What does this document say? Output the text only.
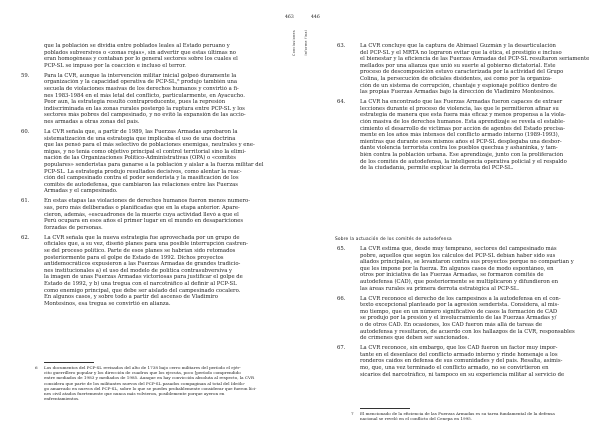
Conclusiones
463
que la población se dividía entre poblados leales al Estado peruano y
poblados subversivos o «zonas rojas», sin advertir que estas últimas no
eran homogéneas y contaban por lo general sectores sobre los cuales el
PCP-SL se impuso por la coacción e incluso el terror.
59.	Para la CVR, aunque la intervención militar inicial golpeó duramente la
organización y la capacidad operativa de PCP-SL,⁶ produjo también una
secuela de violaciones masivas de los derechos humanos y convirtió a fi-
nes 1983-1984 en el más letal del conflicto, particularmente, en Ayacucho.
Peor aun, la estrategia resultó contraproducente, pues la represión
indiscriminada en las zonas rurales postergó la ruptura entre PCP-SL y los
sectores más pobres del campesinado, y no evitó la expansión de las accio-
nes armadas a otras zonas del país.
60.	La CVR señala que, a partir de 1989, las Fuerzas Armadas aprobaron la
sistematización de una estrategia que implicaba el uso de una doctrina
que las pensó para el más selectivo de poblaciones enemigas, neutrales y ene-
migas, y no tenía como objetivo principal el control territorial sino la elimi-
nación de las Organizaciones Político-Administrativas (OPA) o «comités
populares» senderistas para ganarse a la población y aislar a la fuerza militar del
PCP-SL. La estrategia produjo resultados decisivos, como alentar la reac-
ción del campesinado contra el poder senderista y la masificación de los
comités de autodefensa, que cambiaron las relaciones entre las Fuerzas
Armadas y el campesinado.
61.	En estas etapas las violaciones de derechos humanos fueron menos numero-
sas, pero más deliberadas o planificadas que en la etapa anterior. Apare-
cieron, además, «escuadrones de la muerte cuya actividad llevó a que el
Perú ocupara en esos años el primer lugar en el mundo en desapariciones
forzadas de personas.
62.	La CVR señala que la nueva estrategia fue aprovechada por un grupo de
oficiales que, a su vez, diseñó planes para una posible interrupción castren-
se del proceso político. Parte de esos planes se habrían sido retomados
posteriormente para el golpe de Estado de 1992. Dichos proyectos
antidemocráticos expusieron a las Fuerzas Armadas de grandes tradicio-
nes institucionales a) el uso del modelo de política contrasubversiva y
la imagen de unas Fuerzas Armadas victoriosas para justificar el golpe de
Estado de 1992, y b) una tregua con el narcotráfico al definir al PCP-SL
como enemigo principal, que debe ser aislado del campesinado cocalero.
En algunos casos, y sobre todo a partir del ascenso de Vladimiro
Montesinos, esa tregua se convirtió en alianza.
6 Los documentos del PCP-SL revisados del alto de 1738 bajo cerro militares del período el ejér-
cito guerrillero popular y los dirección de cuadros que los ejecuta, poco [período comprendido
entre mediados de 1983 y mediados de 1985. Aunque en hay convicción absoluta al respecto, la CVR
considera que parte de los militantes nuevos del PCP-SL pasados compaginan al total del Ideólo-
go amarrado en nuevos del PCP-SL, sobre lo que se puedes probablemente considerar que fueron líci-
nes civil atados fuertemente que nunca más volvieron, posiblemente porque ayeron en
enfrentamientos.
Informe final
446
63.	La CVR concluye que la captura de Abimael Guzmán y la desarticulación
del PCP-SL y el MRTA no lograron evitar que la ética, el prestigio e incluso
el bienestar y la eficiencia de las Fuerzas Armadas del PCP-SL resultaron seriamente
mellados por una alianza que unió su suerte al gobierno dictatorial. Este
proceso de descomposición estuvo caracterizada por la actividad del Grupo
Colina, la persecución de oficiales disidentes, así como por la organiza-
ción de un sistema de corrupción, chantaje y espionaje político dentro de
las propias Fuerzas Armadas bajo la dirección de Vladimiro Montesinos.
64.	La CVR ha encontrado que las Fuerzas Armadas fueron capaces de extraer
lecciones durante el proceso de violencia, las que le permitieron afinar su
estrategia de manera que esta fuera más eficaz y menos propensa a la viola-
ción masiva de los derechos humanos. Esta aprendizaje se revela el estable-
cimiento el desarrollo de victimas por acción de agentes del Estado precisa-
mente en los años más intensos del conflicto armado interno (1989-1993),
mientras que durante esos mismos años el PCP-SL desplegaba una desbor-
dante violencia terrorista contra los pueblos quechua y ashaninka, y tam-
bién contra la población urbana. Ese aprendizaje, junto con la proliferación
de los comités de autodefensa, la inteligencia operativa policial y el respaldo
de la ciudadanía, permite explicar la derrota del PCP-SL.
Sobre la actuación de los comités de autodefensa
65.	La CVR estima que, desde muy temprano, sectores del campesinado más
pobre, aquellos que según los cálculos del PCP-SL debían haber sido sus
aliados principales, se levantaron contra sus proyectos porque no compartían y
que les impone por la fuerza. En algunos casos de modo espontáneo, en
otros por iniciativa de las Fuerzas Armadas, se formaron comités de
autodefensa (CAD), que posteriormente se multiplicaron y difundieron en
las áreas rurales su primera derrota estratégica al PCP-SL.
66.	La CVR reconoce el derecho de los campesinos a la autodefensa en el con-
texto excepcional planteado por la agresión senderista. Considera, al mis-
mo tiempo, que en un número significativo de casos la formación de CAD
se produjo por la presión y el involucramiento de las Fuerzas Armadas y/
o de otros CAD. En ocasiones, los CAD fueron más allá de tareas de
autodefensa y resultaron, de acuerdo con los hallazgos de la CVR, responsables
de crímenes que deben ser sancionados.
67.	La CVR reconoce, sin embargo, que los CAD fueron un factor muy impor-
tante en el desenlace del conflicto armado interno y rinde homenaje a los
ronderos caídos en defensa de sus comunidades y del país. Resalta, asimis-
mo, que, una vez terminado el conflicto armado, no se convirtieron en
sicarios del narcotráfico, ni tampoco en su experiencia militar al servicio de
7 El mencionado de la eficiencia de las Fuerzas Armadas es su tarea fundamental de la defensa
nacional se reveló en el conflicto del Cenepa en 1995.
